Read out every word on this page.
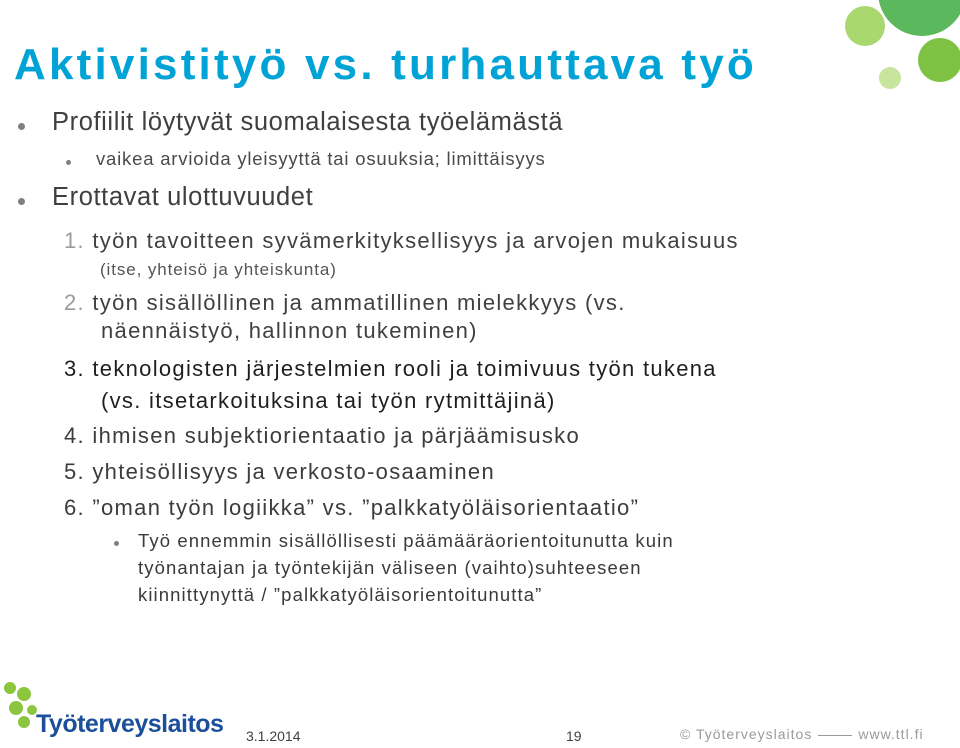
Aktivistityö vs. turhauttava työ
Profiilit löytyvät suomalaisesta työelämästä
vaikea arvioida yleisyyttä tai osuuksia; limittäisyys
Erottavat ulottuvuudet
1. työn tavoitteen syvämerkityksellisyys ja arvojen mukaisuus
(itse, yhteisö ja yhteiskunta)
2. työn sisällöllinen ja ammatillinen mielekkyys (vs.
näennäistyö, hallinnon tukeminen)
3. teknologisten järjestelmien rooli ja toimivuus työn tukena
(vs. itsetarkoituksina tai työn rytmittäjinä)
4. ihmisen subjektiorientaatio ja pärjäämisusko
5. yhteisöllisyys ja verkosto-osaaminen
6. ”oman työn logiikka” vs. ”palkkatyöläisorientaatio”
Työ ennemmin sisällöllisesti päämääräorientoitunutta kuin
työnantajan ja työntekijän väliseen (vaihto)suhteeseen
kiinnittynyttä / ”palkkatyöläisorientoitunutta”
Työterveyslaitos 3.1.2014	19	© Työterveyslaitos	www.ttl.fi
